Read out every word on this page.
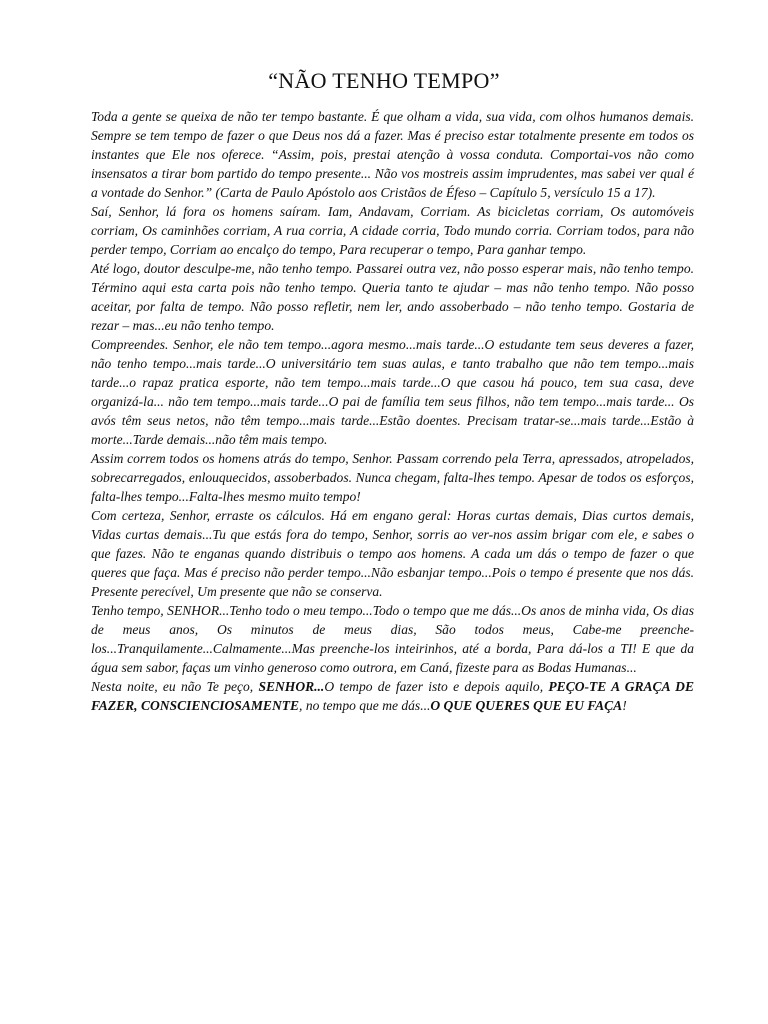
“NÃO TENHO TEMPO”

Toda a gente se queixa de não ter tempo bastante. É que olham a vida, sua vida, com olhos humanos demais. Sempre se tem tempo de fazer o que Deus nos dá a fazer. Mas é preciso estar totalmente presente em todos os instantes que Ele nos oferece. “Assim, pois, prestai atenção à vossa conduta. Comportai-vos não como insensatos a tirar bom partido do tempo presente... Não vos mostreis assim imprudentes, mas sabei ver qual é a vontade do Senhor.” (Carta de Paulo Apóstolo aos Cristãos de Éfeso – Capítulo 5, versículo 15 a 17).

Saí, Senhor, lá fora os homens saíram. Iam, Andavam, Corriam. As bicicletas corriam, Os automóveis corriam, Os caminhões corriam, A rua corria, A cidade corria, Todo mundo corria. Corriam todos, para não perder tempo, Corriam ao encalço do tempo, Para recuperar o tempo, Para ganhar tempo.

Até logo, doutor desculpe-me, não tenho tempo. Passarei outra vez, não posso esperar mais, não tenho tempo. Término aqui esta carta pois não tenho tempo. Queria tanto te ajudar – mas não tenho tempo. Não posso aceitar, por falta de tempo. Não posso refletir, nem ler, ando assoberbado – não tenho tempo. Gostaria de rezar – mas...eu não tenho tempo.

Compreendes. Senhor, ele não tem tempo...agora mesmo...mais tarde...O estudante tem seus deveres a fazer, não tenho tempo...mais tarde...O universitário tem suas aulas, e tanto trabalho que não tem tempo...mais tarde...o rapaz pratica esporte, não tem tempo...mais tarde...O que casou há pouco, tem sua casa, deve organizá-la... não tem tempo...mais tarde...O pai de família tem seus filhos, não tem tempo...mais tarde... Os avós têm seus netos, não têm tempo...mais tarde...Estão doentes. Precisam tratar-se...mais tarde...Estão à morte...Tarde demais...não têm mais tempo.

Assim correm todos os homens atrás do tempo, Senhor. Passam correndo pela Terra, apressados, atropelados, sobrecarregados, enlouquecidos, assoberbados. Nunca chegam, falta-lhes tempo. Apesar de todos os esforços, falta-lhes tempo...Falta-lhes mesmo muito tempo!

Com certeza, Senhor, erraste os cálculos. Há em engano geral: Horas curtas demais, Dias curtos demais, Vidas curtas demais...Tu que estás fora do tempo, Senhor, sorris ao ver-nos assim brigar com ele, e sabes o que fazes. Não te enganas quando distribuis o tempo aos homens. A cada um dás o tempo de fazer o que queres que faça. Mas é preciso não perder tempo...Não esbanjar tempo...Pois o tempo é presente que nos dás. Presente perecível, Um presente que não se conserva.

Tenho tempo, SENHOR...Tenho todo o meu tempo...Todo o tempo que me dás...Os anos de minha vida, Os dias de meus anos, Os minutos de meus dias, São todos meus, Cabe-me preenche-los...Tranquilamente...Calmamente...Mas preenche-los inteirinhos, até a borda, Para dá-los a TI! E que da água sem sabor, faças um vinho generoso como outrora, em Caná, fizeste para as Bodas Humanas...

Nesta noite, eu não Te peço, SENHOR...O tempo de fazer isto e depois aquilo, PEÇO-TE A GRAÇA DE FAZER, CONSCIENCIOSAMENTE, no tempo que me dás...O QUE QUERES QUE EU FAÇA!
